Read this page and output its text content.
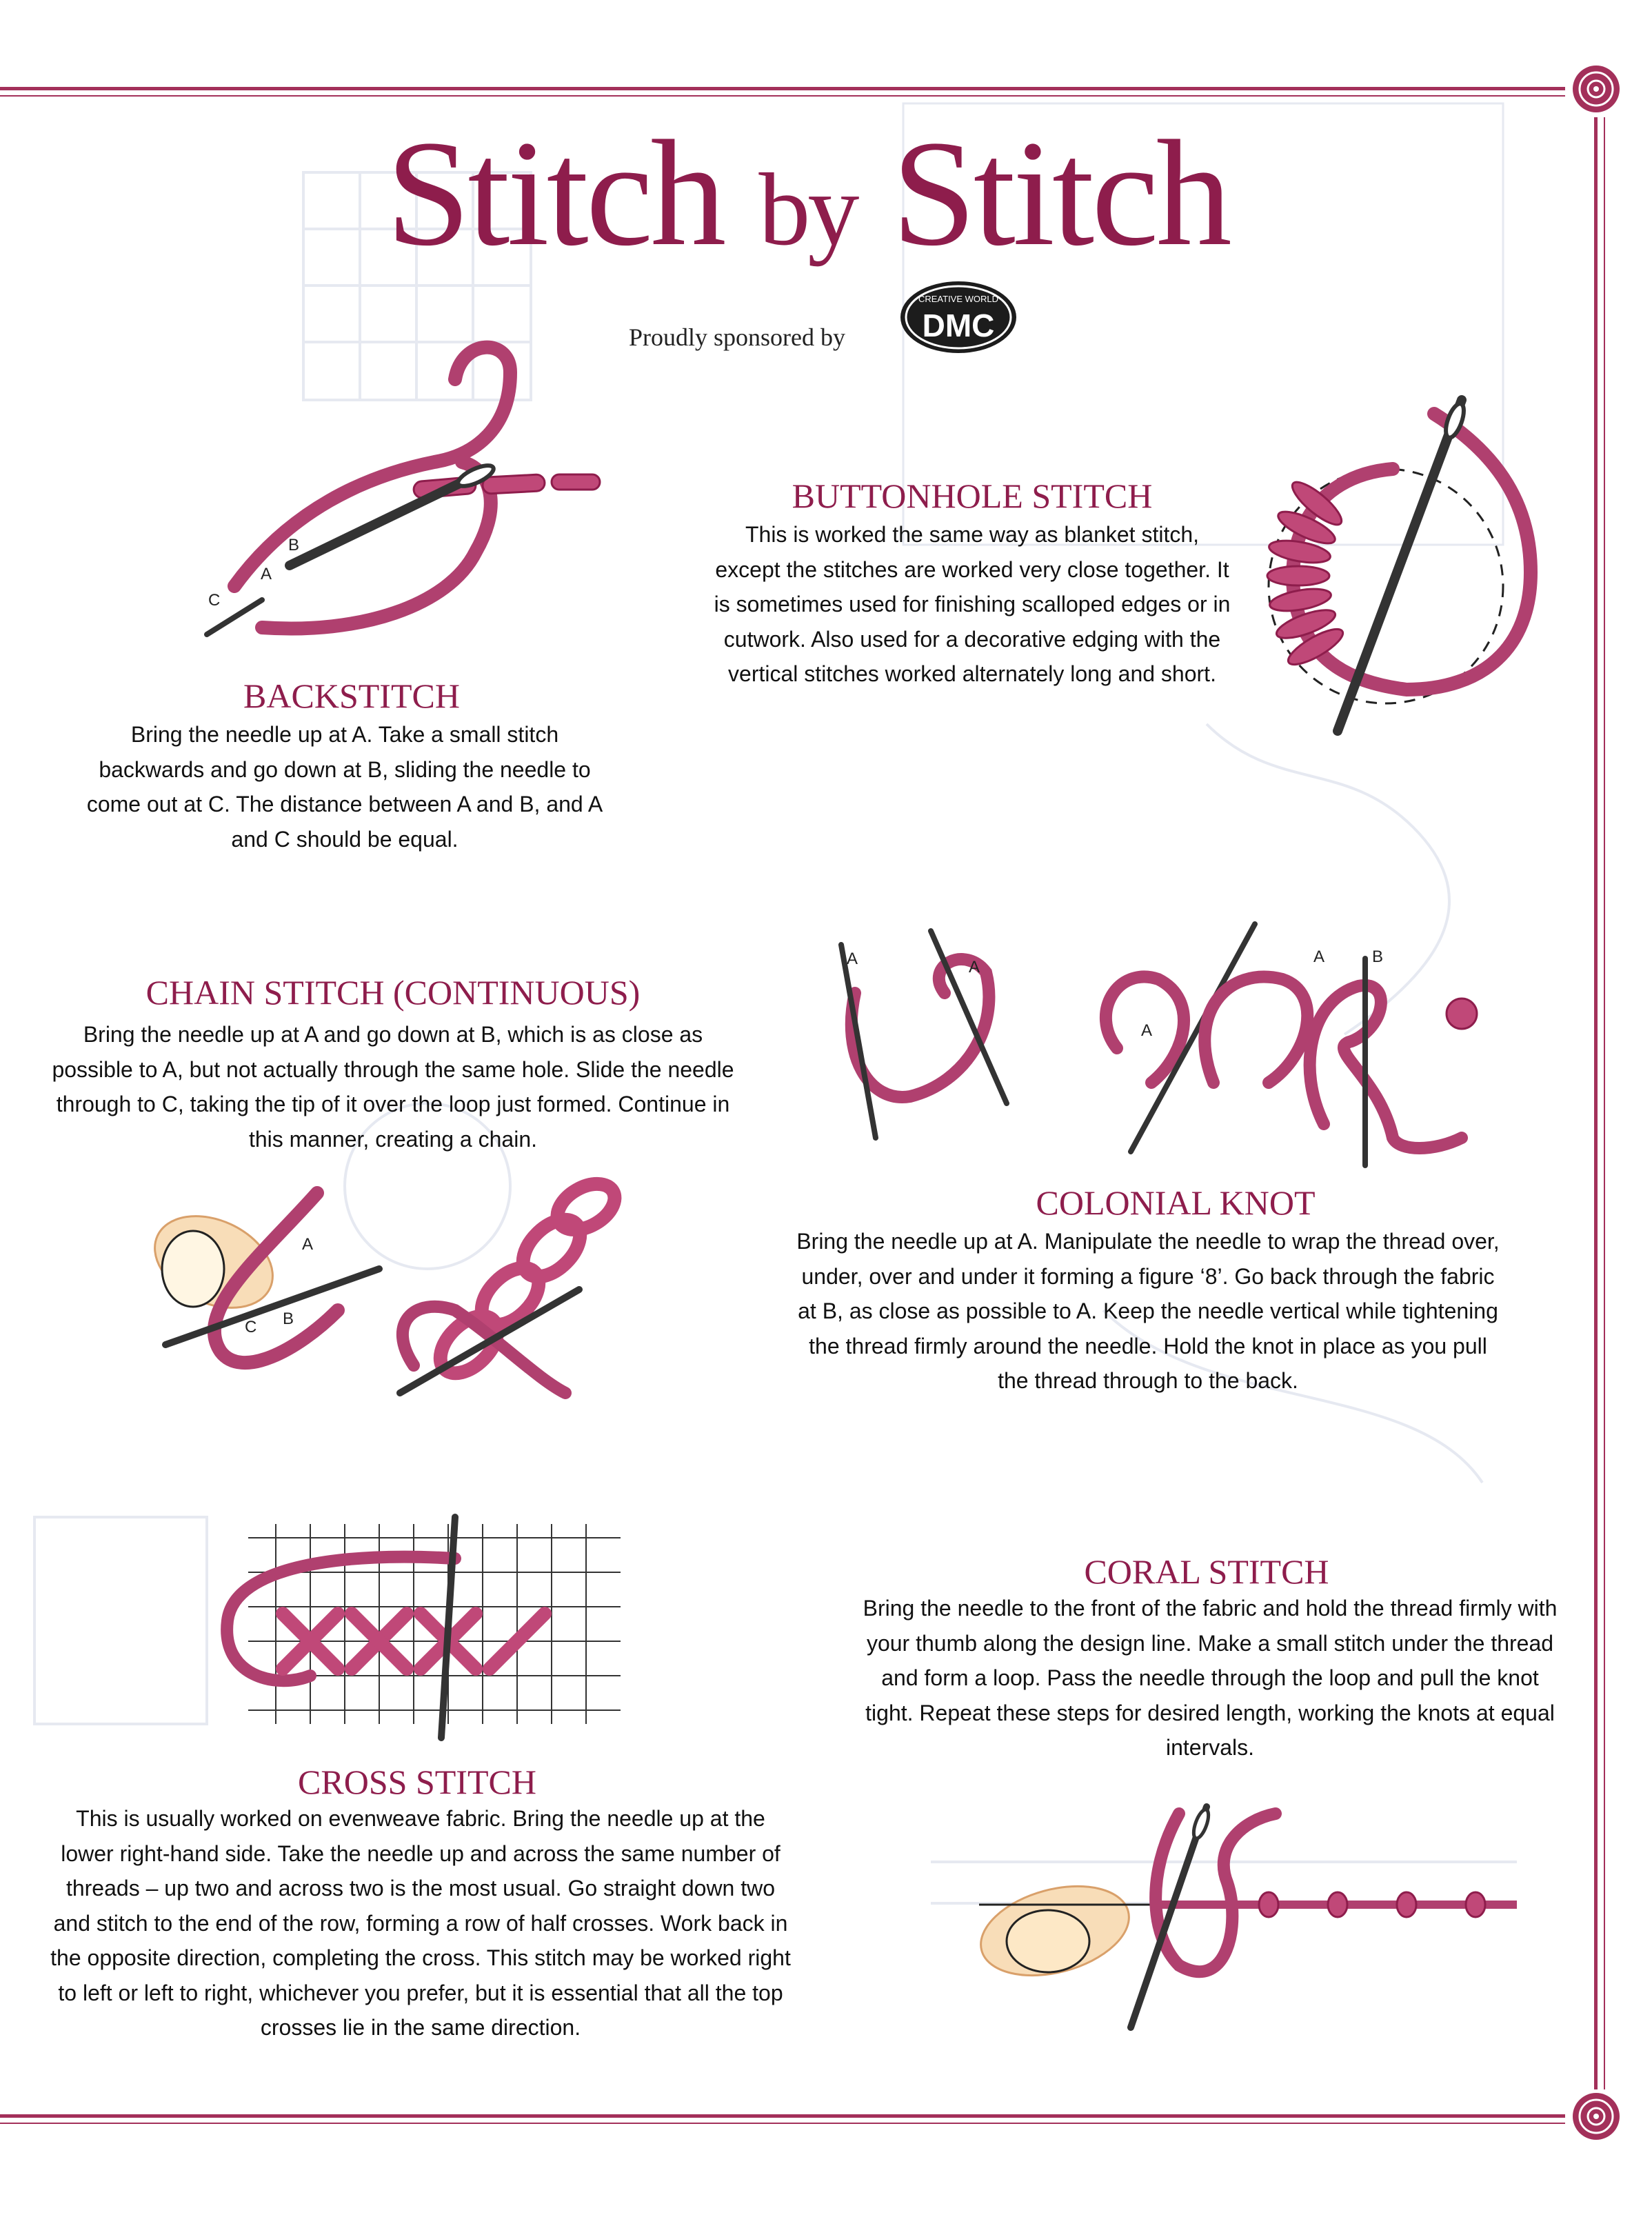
Stitch by Stitch
Proudly sponsored by
CREATIVE WORLD
DMC
A
B
C
BACKSTITCH
Bring the needle up at A. Take a small stitch backwards and go down at B, sliding the needle to come out at C. The distance between A and B, and A and C should be equal.
BUTTONHOLE STITCH
This is worked the same way as blanket stitch, except the stitches are worked very close together. It is sometimes used for finishing scalloped edges or in cutwork. Also used for a decorative edging with the vertical stitches worked alternately long and short.
CHAIN STITCH (CONTINUOUS)
Bring the needle up at A and go down at B, which is as close as possible to A, but not actually through the same hole. Slide the needle through to C, taking the tip of it over the loop just formed. Continue in this manner, creating a chain.
A
B
C
A	A
A
A	B
COLONIAL KNOT
Bring the needle up at A. Manipulate the needle to wrap the thread over, under, over and under it forming a figure ‘8’. Go back through the fabric at B, as close as possible to A. Keep the needle vertical while tightening the thread firmly around the needle. Hold the knot in place as you pull the thread through to the back.
CORAL STITCH
Bring the needle to the front of the fabric and hold the thread firmly with your thumb along the design line. Make a small stitch under the thread and form a loop. Pass the needle through the loop and pull the knot tight. Repeat these steps for desired length, working the knots at equal intervals.
CROSS STITCH
This is usually worked on evenweave fabric. Bring the needle up at the lower right-hand side. Take the needle up and across the same number of threads – up two and across two is the most usual. Go straight down two and stitch to the end of the row, forming a row of half crosses. Work back in the opposite direction, completing the cross. This stitch may be worked right to left or left to right, whichever you prefer, but it is essential that all the top crosses lie in the same direction.
